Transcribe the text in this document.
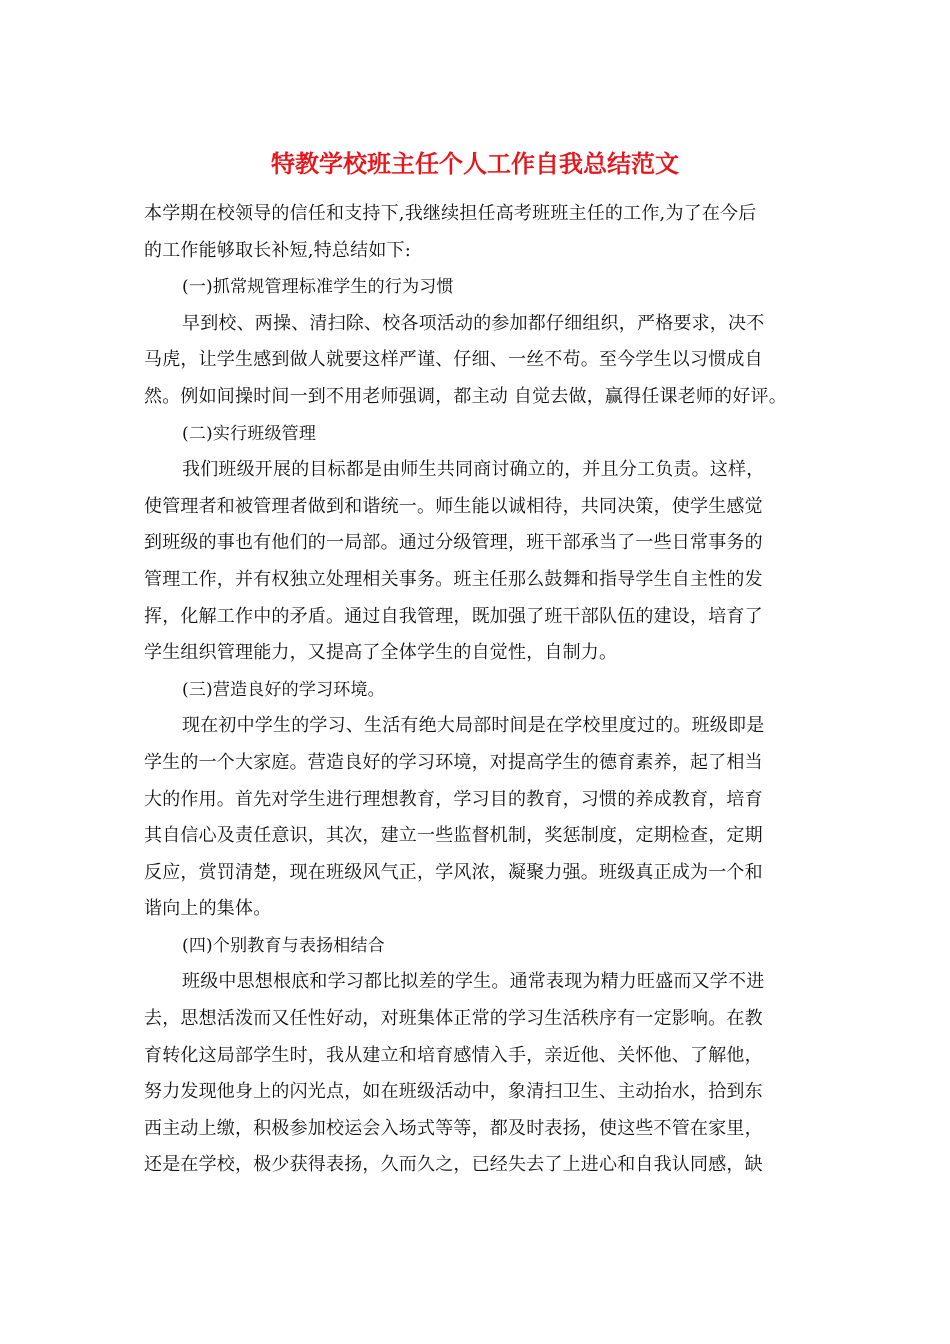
特教学校班主任个人工作自我总结范文
本学期在校领导的信任和支持下,我继续担任高考班班主任的工作,为了在今后
的工作能够取长补短,特总结如下:
(一)抓常规管理标准学生的行为习惯
早到校、两操、清扫除、校各项活动的参加都仔细组织，严格要求，决不
马虎，让学生感到做人就要这样严谨、仔细、一丝不苟。至今学生以习惯成自
然。例如间操时间一到不用老师强调，都主动 自觉去做，赢得任课老师的好评。
(二)实行班级管理
我们班级开展的目标都是由师生共同商讨确立的，并且分工负责。这样，
使管理者和被管理者做到和谐统一。师生能以诚相待，共同决策，使学生感觉
到班级的事也有他们的一局部。通过分级管理，班干部承当了一些日常事务的
管理工作，并有权独立处理相关事务。班主任那么鼓舞和指导学生自主性的发
挥，化解工作中的矛盾。通过自我管理，既加强了班干部队伍的建设，培育了
学生组织管理能力，又提高了全体学生的自觉性，自制力。
(三)营造良好的学习环境。
现在初中学生的学习、生活有绝大局部时间是在学校里度过的。班级即是
学生的一个大家庭。营造良好的学习环境，对提高学生的德育素养，起了相当
大的作用。首先对学生进行理想教育，学习目的教育，习惯的养成教育，培育
其自信心及责任意识，其次，建立一些监督机制，奖惩制度，定期检查，定期
反应，赏罚清楚，现在班级风气正，学风浓，凝聚力强。班级真正成为一个和
谐向上的集体。
(四)个别教育与表扬相结合
班级中思想根底和学习都比拟差的学生。通常表现为精力旺盛而又学不进
去，思想活泼而又任性好动，对班集体正常的学习生活秩序有一定影响。在教
育转化这局部学生时，我从建立和培育感情入手，亲近他、关怀他、了解他，
努力发现他身上的闪光点，如在班级活动中，象清扫卫生、主动抬水，拾到东
西主动上缴，积极参加校运会入场式等等，都及时表扬，使这些不管在家里，
还是在学校，极少获得表扬，久而久之，已经失去了上进心和自我认同感，缺
